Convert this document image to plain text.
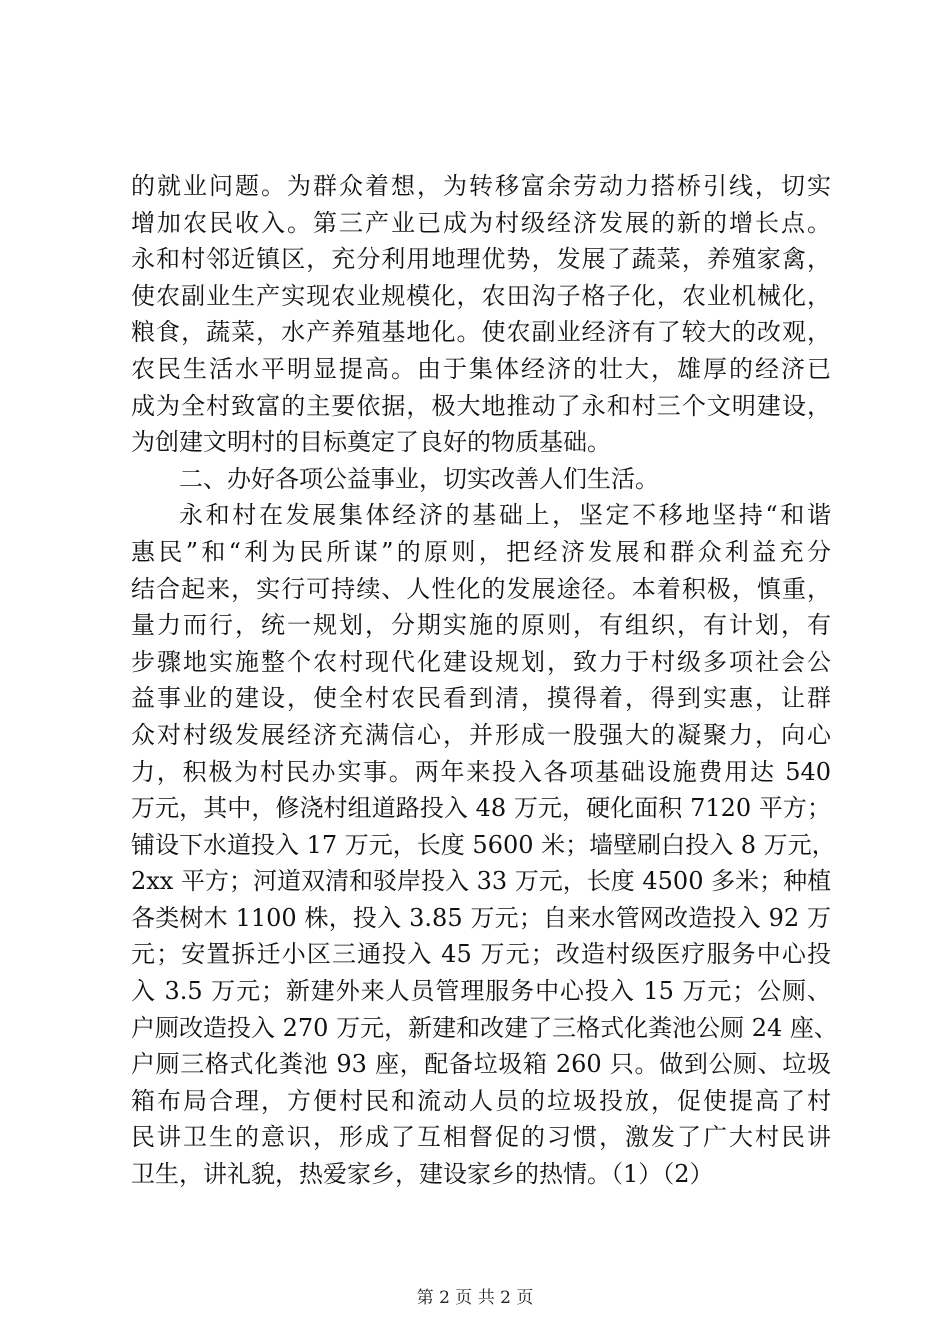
的就业问题。为群众着想，为转移富余劳动力搭桥引线，切实
增加农民收入。第三产业已成为村级经济发展的新的增长点。
永和村邻近镇区，充分利用地理优势，发展了蔬菜，养殖家禽，
使农副业生产实现农业规模化，农田沟子格子化，农业机械化，
粮食，蔬菜，水产养殖基地化。使农副业经济有了较大的改观，
农民生活水平明显提高。由于集体经济的壮大，雄厚的经济已
成为全村致富的主要依据，极大地推动了永和村三个文明建设，
为创建文明村的目标奠定了良好的物质基础。
二、办好各项公益事业，切实改善人们生活。
永和村在发展集体经济的基础上，坚定不移地坚持“和谐
惠民”和“利为民所谋”的原则，把经济发展和群众利益充分
结合起来，实行可持续、人性化的发展途径。本着积极，慎重，
量力而行，统一规划，分期实施的原则，有组织，有计划，有
步骤地实施整个农村现代化建设规划，致力于村级多项社会公
益事业的建设，使全村农民看到清，摸得着，得到实惠，让群
众对村级发展经济充满信心，并形成一股强大的凝聚力，向心
力，积极为村民办实事。两年来投入各项基础设施费用达 540
万元，其中，修浇村组道路投入 48 万元，硬化面积 7120 平方；
铺设下水道投入 17 万元，长度 5600 米；墙壁刷白投入 8 万元，
2xx 平方；河道双清和驳岸投入 33 万元，长度 4500 多米；种植
各类树木 1100 株，投入 3.85 万元；自来水管网改造投入 92 万
元；安置拆迁小区三通投入 45 万元；改造村级医疗服务中心投
入 3.5 万元；新建外来人员管理服务中心投入 15 万元；公厕、
户厕改造投入 270 万元，新建和改建了三格式化粪池公厕 24 座、
户厕三格式化粪池 93 座，配备垃圾箱 260 只。做到公厕、垃圾
箱布局合理，方便村民和流动人员的垃圾投放，促使提高了村
民讲卫生的意识，形成了互相督促的习惯，激发了广大村民讲
卫生，讲礼貌，热爱家乡，建设家乡的热情。（1）（2）
第 2 页 共 2 页
